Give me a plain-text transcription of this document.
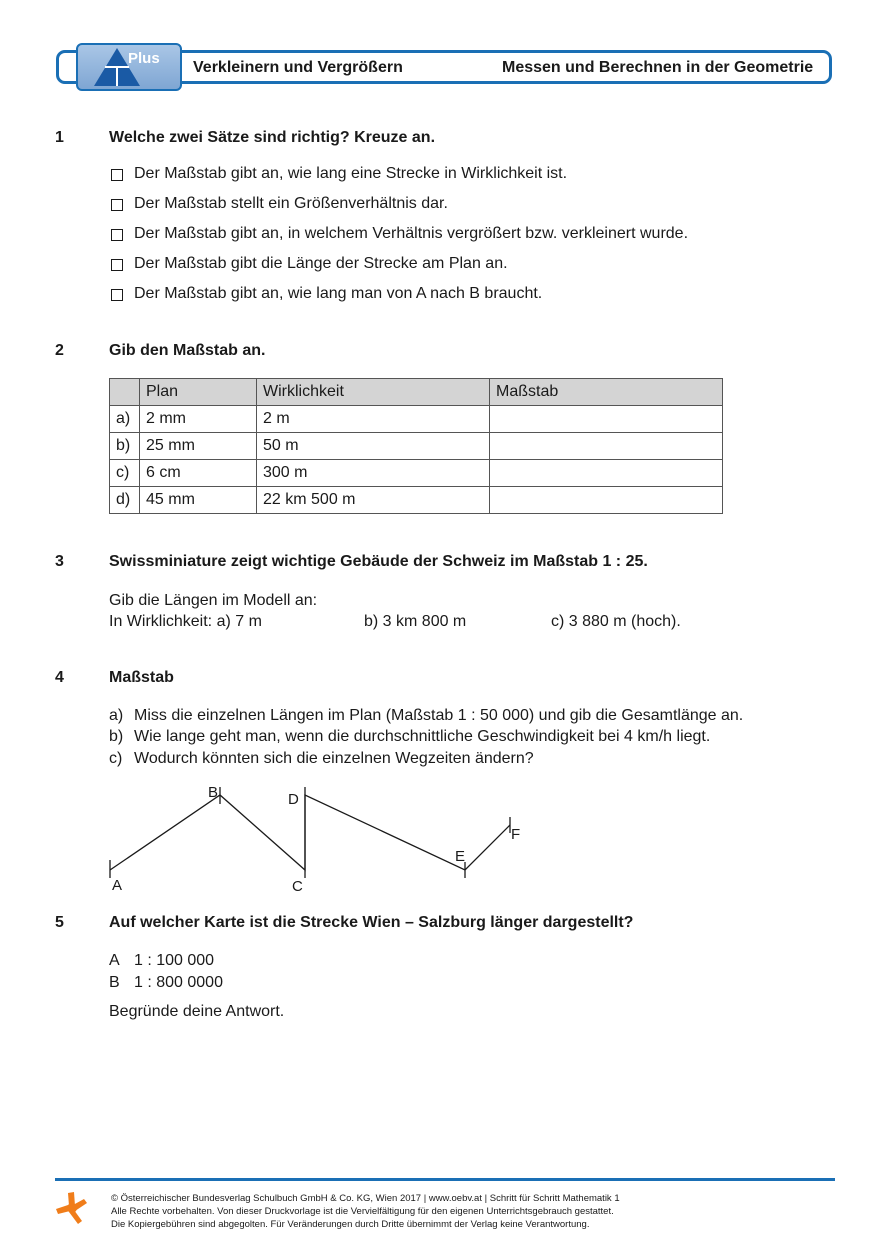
Plus
Verkleinern und Vergrößern	Messen und Berechnen in der Geometrie
1	Welche zwei Sätze sind richtig? Kreuze an.
Der Maßstab gibt an, wie lang eine Strecke in Wirklichkeit ist.
Der Maßstab stellt ein Größenverhältnis dar.
Der Maßstab gibt an, in welchem Verhältnis vergrößert bzw. verkleinert wurde.
Der Maßstab gibt die Länge der Strecke am Plan an.
Der Maßstab gibt an, wie lang man von A nach B braucht.
2	Gib den Maßstab an.
	Plan	Wirklichkeit	Maßstab
a)	2 mm	2 m	
b)	25 mm	50 m	
c)	6 cm	300 m	
d)	45 mm	22 km 500 m	
3	Swissminiature zeigt wichtige Gebäude der Schweiz im Maßstab 1 : 25.
Gib die Längen im Modell an:
In Wirklichkeit: a) 7 m	b) 3 km 800 m	c) 3 880 m (hoch).
4	Maßstab
a) Miss die einzelnen Längen im Plan (Maßstab 1 : 50 000) und gib die Gesamtlänge an.
b) Wie lange geht man, wenn die durchschnittliche Geschwindigkeit bei 4 km/h liegt.
c) Wodurch könnten sich die einzelnen Wegzeiten ändern?
A
B
C
D
E
F
5	Auf welcher Karte ist die Strecke Wien – Salzburg länger dargestellt?
A 1 : 100 000
B 1 : 800 0000
Begründe deine Antwort.
© Österreichischer Bundesverlag Schulbuch GmbH & Co. KG, Wien 2017 | www.oebv.at | Schritt für Schritt Mathematik 1
Alle Rechte vorbehalten. Von dieser Druckvorlage ist die Vervielfältigung für den eigenen Unterrichtsgebrauch gestattet.
Die Kopiergebühren sind abgegolten. Für Veränderungen durch Dritte übernimmt der Verlag keine Verantwortung.
